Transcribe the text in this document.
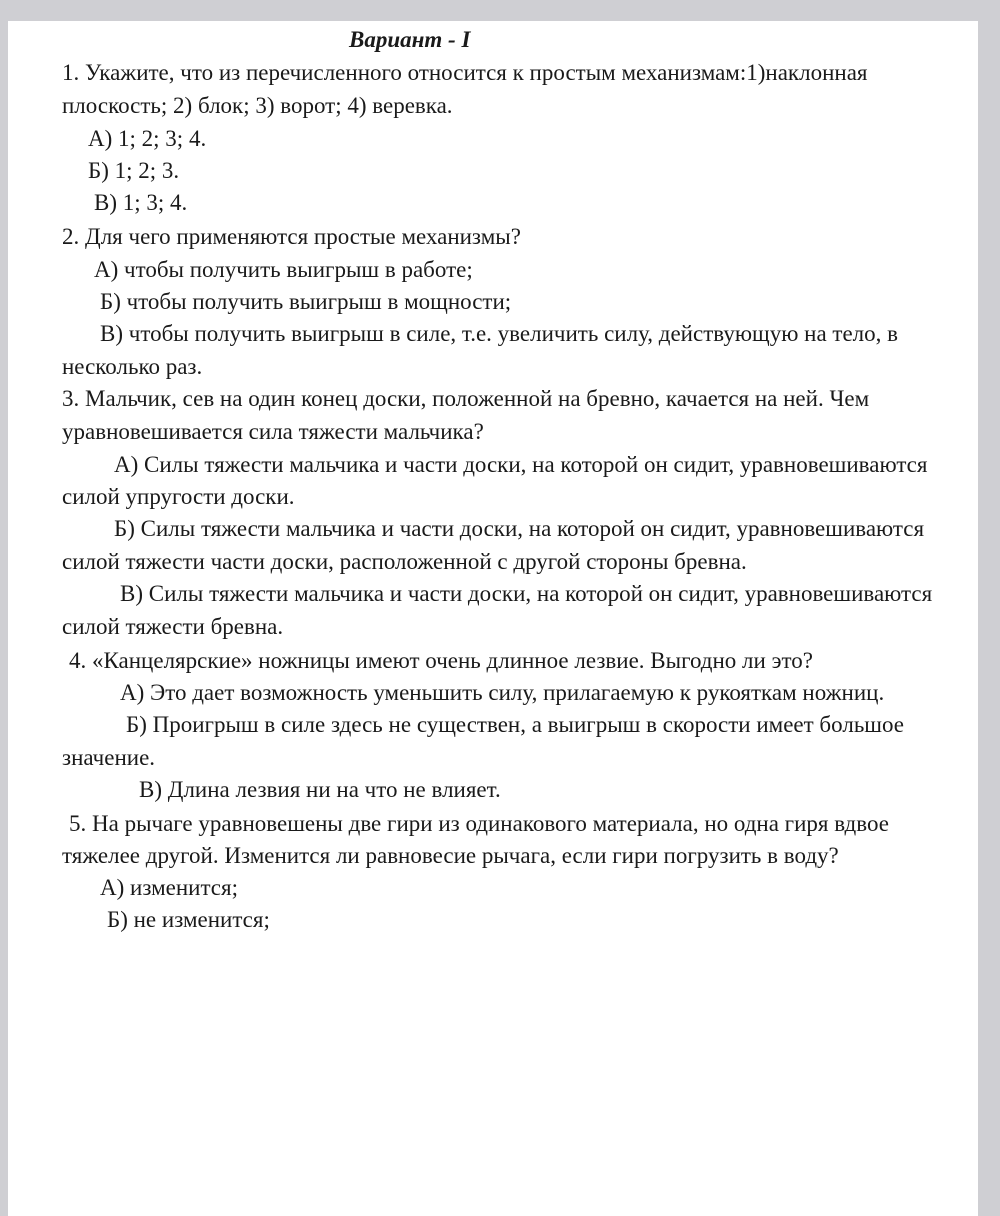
Вариант - I
1. Укажите, что из перечисленного относится к простым механизмам:1)наклонная
плоскость; 2) блок; 3) ворот; 4) веревка.
А) 1; 2; 3; 4.
Б) 1; 2; 3.
В) 1; 3; 4.
2. Для чего применяются простые механизмы?
А) чтобы получить выигрыш в работе;
Б) чтобы получить выигрыш в мощности;
В) чтобы получить выигрыш в силе, т.е. увеличить силу, действующую на тело, в
несколько раз.
3. Мальчик, сев на один конец доски, положенной на бревно, качается на ней. Чем
уравновешивается сила тяжести мальчика?
А) Силы тяжести мальчика и части доски, на которой он сидит, уравновешиваются
силой упругости доски.
Б) Силы тяжести мальчика и части доски, на которой он сидит, уравновешиваются
силой тяжести части доски, расположенной с другой стороны бревна.
В) Силы тяжести мальчика и части доски, на которой он сидит, уравновешиваются
силой тяжести бревна.
4. «Канцелярские» ножницы имеют очень длинное лезвие. Выгодно ли это?
А) Это дает возможность уменьшить силу, прилагаемую к рукояткам ножниц.
Б) Проигрыш в силе здесь не существен, а выигрыш в скорости имеет большое
значение.
В) Длина лезвия ни на что не влияет.
5. На рычаге уравновешены две гири из одинакового материала, но одна гиря вдвое
тяжелее другой. Изменится ли равновесие рычага, если гири погрузить в воду?
А) изменится;
Б) не изменится;
